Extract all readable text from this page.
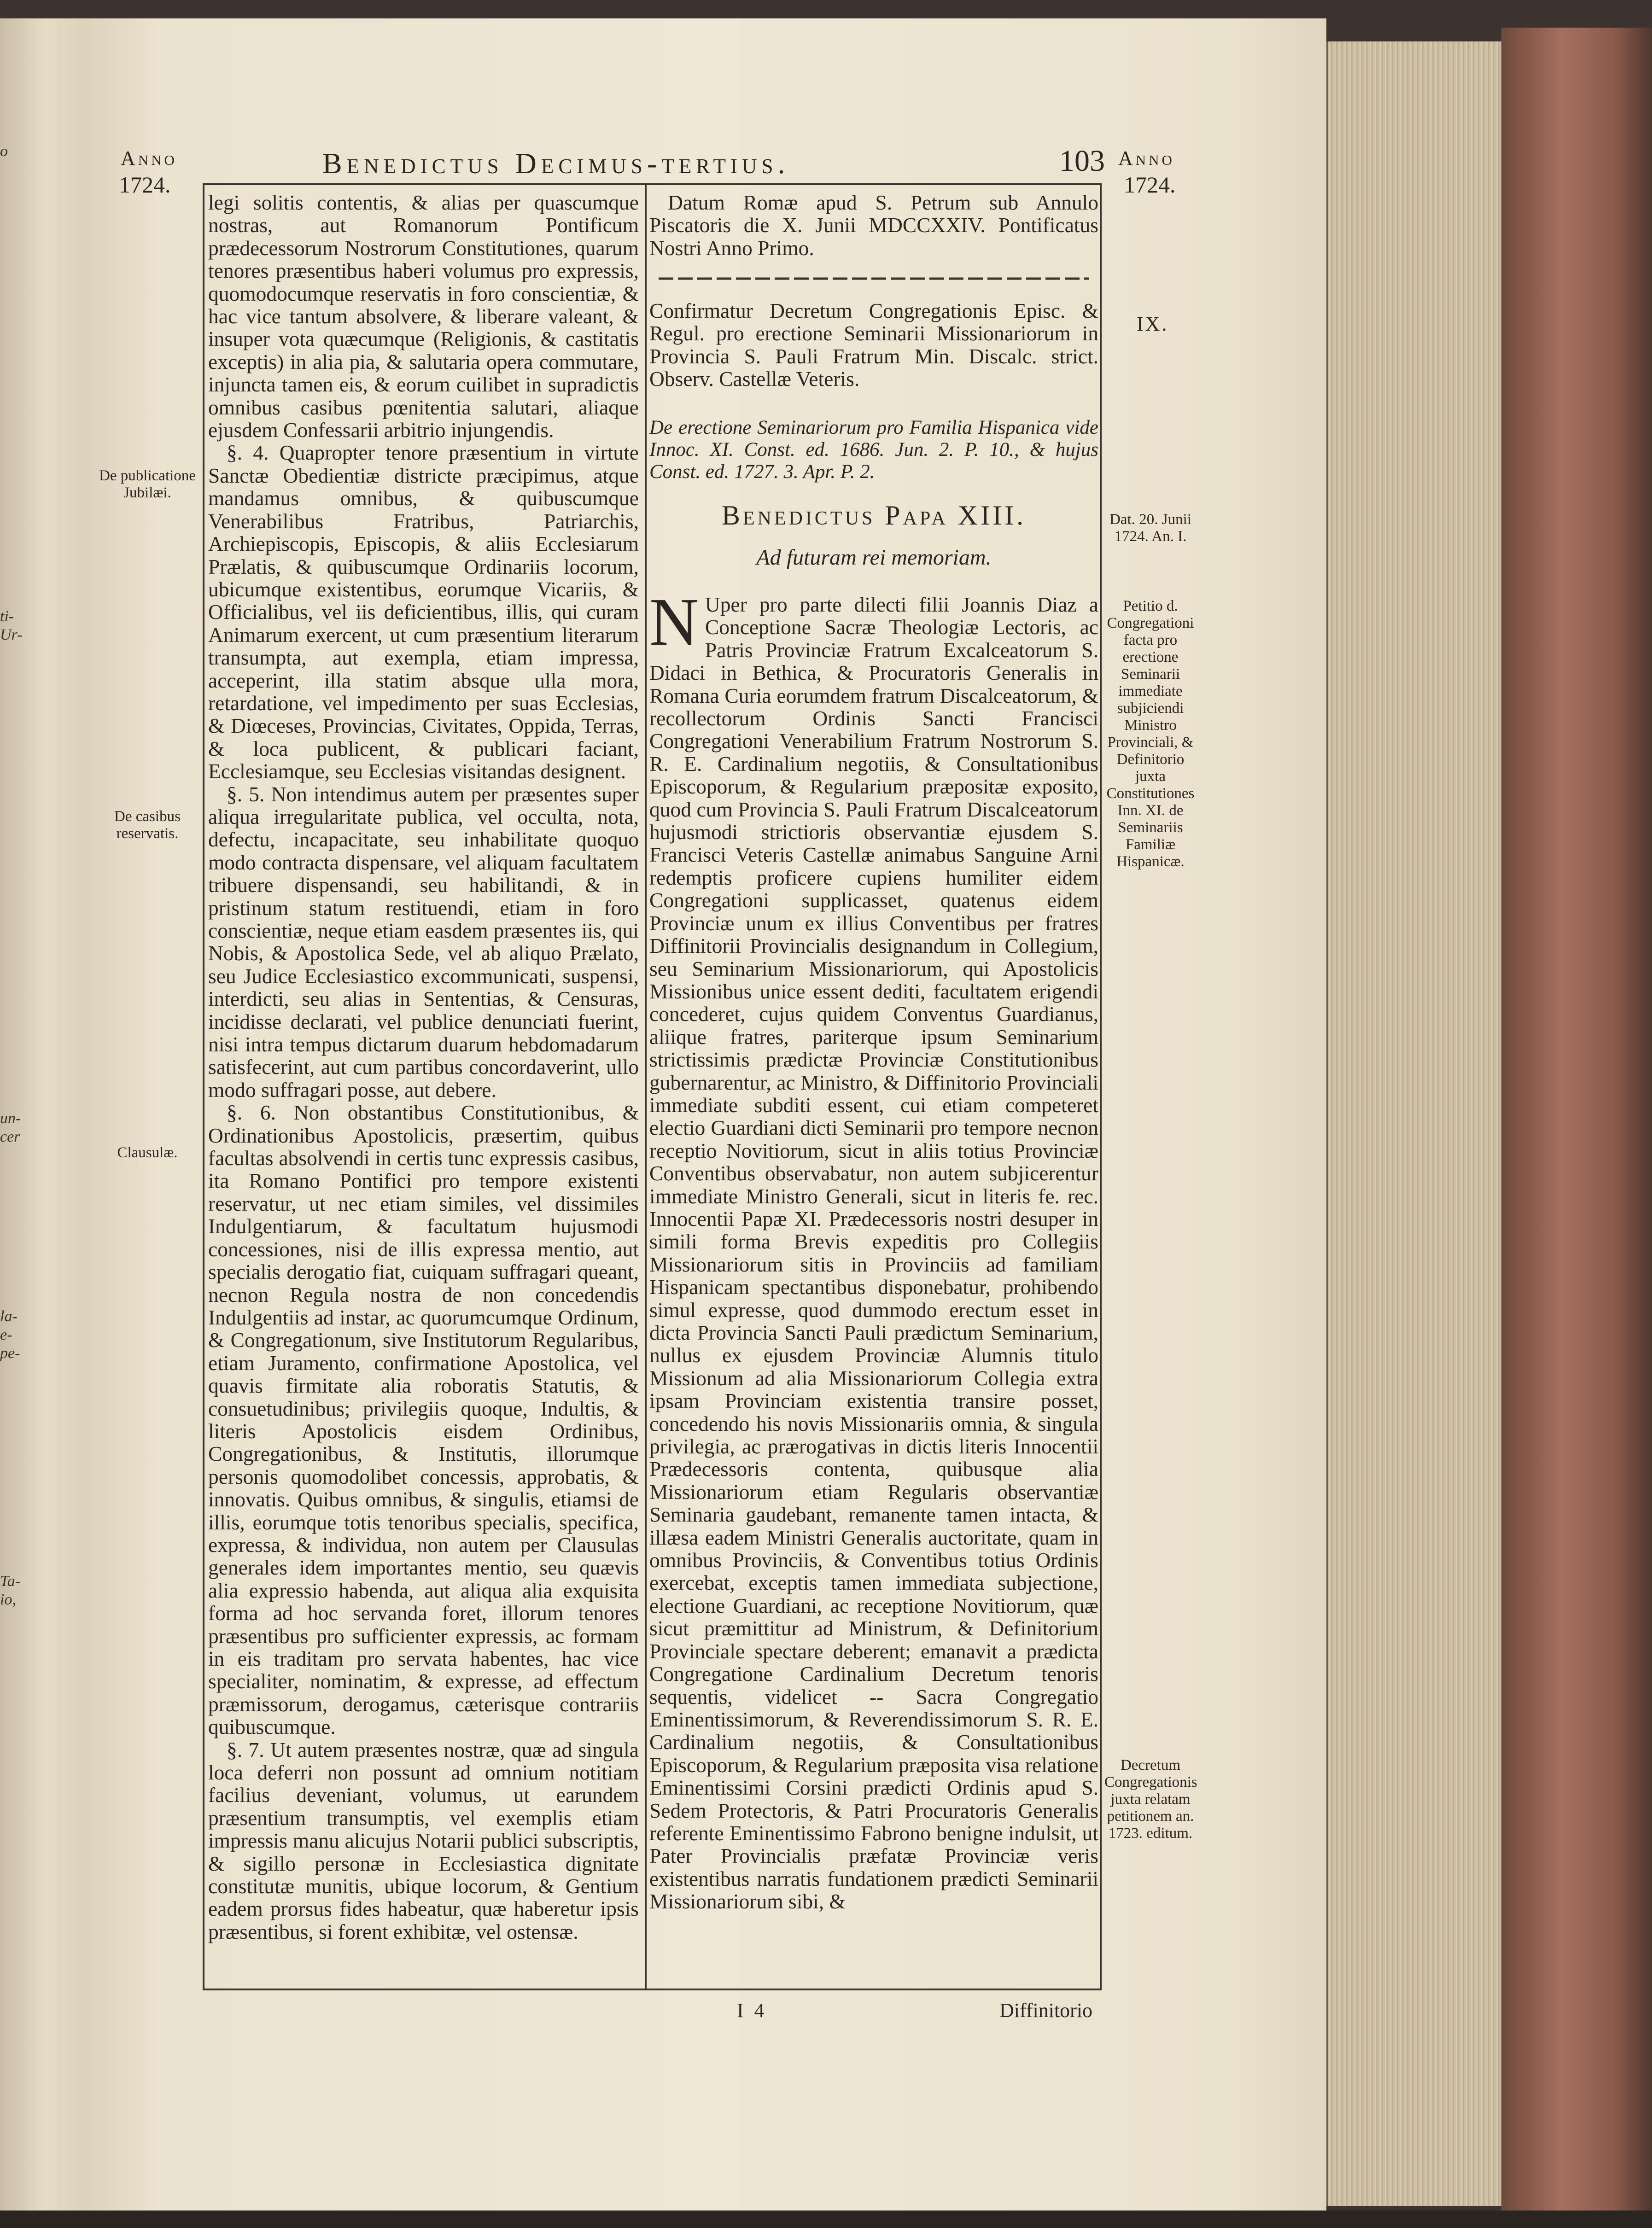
o
ti-
Ur-
un-
cer
la-
e-
pe-
Ta-
io,
Anno
1724.
Benedictus Decimus-tertius.	103 Anno
1724.
De publicatione Jubilæi.
De casibus reservatis.
Clausulæ.

legi solitis contentis, & alias per quascumque nostras, aut Romanorum Pontificum prædecessorum Nostrorum Constitutiones, quarum tenores præsentibus haberi volumus pro expressis, quomodocumque reservatis in foro conscientiæ, & hac vice tantum absolvere, & liberare valeant, & insuper vota quæcumque (Religionis, & castitatis exceptis) in alia pia, & salutaria opera commutare, injuncta tamen eis, & eorum cuilibet in supradictis omnibus casibus pœnitentia salutari, aliaque ejusdem Confessarii arbitrio injungendis.

§. 4. Quapropter tenore præsentium in virtute Sanctæ Obedientiæ districte præcipimus, atque mandamus omnibus, & quibuscumque Venerabilibus Fratribus, Patriarchis, Archiepiscopis, Episcopis, & aliis Ecclesiarum Prælatis, & quibuscumque Ordinariis locorum, ubicumque existentibus, eorumque Vicariis, & Officialibus, vel iis deficientibus, illis, qui curam Animarum exercent, ut cum præsentium literarum transumpta, aut exempla, etiam impressa, acceperint, illa statim absque ulla mora, retardatione, vel impedimento per suas Ecclesias, & Diœceses, Provincias, Civitates, Oppida, Terras, & loca publicent, & publicari faciant, Ecclesiamque, seu Ecclesias visitandas designent.

§. 5. Non intendimus autem per præsentes super aliqua irregularitate publica, vel occulta, nota, defectu, incapacitate, seu inhabilitate quoquo modo contracta dispensare, vel aliquam facultatem tribuere dispensandi, seu habilitandi, & in pristinum statum restituendi, etiam in foro conscientiæ, neque etiam easdem præsentes iis, qui Nobis, & Apostolica Sede, vel ab aliquo Prælato, seu Judice Ecclesiastico excommunicati, suspensi, interdicti, seu alias in Sententias, & Censuras, incidisse declarati, vel publice denunciati fuerint, nisi intra tempus dictarum duarum hebdomadarum satisfecerint, aut cum partibus concordaverint, ullo modo suffragari posse, aut debere.

§. 6. Non obstantibus Constitutionibus, & Ordinationibus Apostolicis, præsertim, quibus facultas absolvendi in certis tunc expressis casibus, ita Romano Pontifici pro tempore existenti reservatur, ut nec etiam similes, vel dissimiles Indulgentiarum, & facultatum hujusmodi concessiones, nisi de illis expressa mentio, aut specialis derogatio fiat, cuiquam suffragari queant, necnon Regula nostra de non concedendis Indulgentiis ad instar, ac quorumcumque Ordinum, & Congregationum, sive Institutorum Regularibus, etiam Juramento, confirmatione Apostolica, vel quavis firmitate alia roboratis Statutis, & consuetudinibus; privilegiis quoque, Indultis, & literis Apostolicis eisdem Ordinibus, Congregationibus, & Institutis, illorumque personis quomodolibet concessis, approbatis, & innovatis. Quibus omnibus, & singulis, etiamsi de illis, eorumque totis tenoribus specialis, specifica, expressa, & individua, non autem per Clausulas generales idem importantes mentio, seu quævis alia expressio habenda, aut aliqua alia exquisita forma ad hoc servanda foret, illorum tenores præsentibus pro sufficienter expressis, ac formam in eis traditam pro servata habentes, hac vice specialiter, nominatim, & expresse, ad effectum præmissorum, derogamus, cæterisque contrariis quibuscumque.

§. 7. Ut autem præsentes nostræ, quæ ad singula loca deferri non possunt ad omnium notitiam facilius deveniant, volumus, ut earundem præsentium transumptis, vel exemplis etiam impressis manu alicujus Notarii publici subscriptis, & sigillo personæ in Ecclesiastica dignitate constitutæ munitis, ubique locorum, & Gentium eadem prorsus fides habeatur, quæ haberetur ipsis præsentibus, si forent exhibitæ, vel ostensæ.

Datum Romæ apud S. Petrum sub Annulo Piscatoris die X. Junii MDCCXXIV. Pontificatus Nostri Anno Primo.
Confirmatur Decretum Congregationis Episc. & Regul. pro erectione Seminarii Missionariorum in Provincia S. Pauli Fratrum Min. Discalc. strict. Observ. Castellæ Veteris.
De erectione Seminariorum pro Familia Hispanica vide Innoc. XI. Const. ed. 1686. Jun. 2. P. 10., & hujus Const. ed. 1727. 3. Apr. P. 2.
Benedictus Papa XIII.
Ad futuram rei memoriam.
N Uper pro parte dilecti filii Joannis Diaz a Conceptione Sacræ Theologiæ Lectoris, ac Patris Provinciæ Fratrum Excalceatorum S. Didaci in Bethica, & Procuratoris Generalis in Romana Curia eorumdem fratrum Discalceatorum, & recollectorum Ordinis Sancti Francisci Congregationi Venerabilium Fratrum Nostrorum S. R. E. Cardinalium negotiis, & Consultationibus Episcoporum, & Regularium præpositæ exposito, quod cum Provincia S. Pauli Fratrum Discalceatorum hujusmodi strictioris observantiæ ejusdem S. Francisci Veteris Castellæ animabus Sanguine Arni redemptis proficere cupiens humiliter eidem Congregationi supplicasset, quatenus eidem Provinciæ unum ex illius Conventibus per fratres Diffinitorii Provincialis designandum in Collegium, seu Seminarium Missionariorum, qui Apostolicis Missionibus unice essent dediti, facultatem erigendi concederet, cujus quidem Conventus Guardianus, aliique fratres, pariterque ipsum Seminarium strictissimis prædictæ Provinciæ Constitutionibus gubernarentur, ac Ministro, & Diffinitorio Provinciali immediate subditi essent, cui etiam competeret electio Guardiani dicti Seminarii pro tempore necnon receptio Novitiorum, sicut in aliis totius Provinciæ Conventibus observabatur, non autem subjicerentur immediate Ministro Generali, sicut in literis fe. rec. Innocentii Papæ XI. Prædecessoris nostri desuper in simili forma Brevis expeditis pro Collegiis Missionariorum sitis in Provinciis ad familiam Hispanicam spectantibus disponebatur, prohibendo simul expresse, quod dummodo erectum esset in dicta Provincia Sancti Pauli prædictum Seminarium, nullus ex ejusdem Provinciæ Alumnis titulo Missionum ad alia Missionariorum Collegia extra ipsam Provinciam existentia transire posset, concedendo his novis Missionariis omnia, & singula privilegia, ac prærogativas in dictis literis Innocentii Prædecessoris contenta, quibusque alia Missionariorum etiam Regularis observantiæ Seminaria gaudebant, remanente tamen intacta, & illæsa eadem Ministri Generalis auctoritate, quam in omnibus Provinciis, & Conventibus totius Ordinis exercebat, exceptis tamen immediata subjectione, electione Guardiani, ac receptione Novitiorum, quæ sicut præmittitur ad Ministrum, & Definitorium Provinciale spectare deberent; emanavit a prædicta Congregatione Cardinalium Decretum tenoris sequentis, videlicet -- Sacra Congregatio Eminentissimorum, & Reverendissimorum S. R. E. Cardinalium negotiis, & Consultationibus Episcoporum, & Regularium præposita visa relatione Eminentissimi Corsini prædicti Ordinis apud S. Sedem Protectoris, & Patri Procuratoris Generalis referente Eminentissimo Fabrono benigne indulsit, ut Pater Provincialis præfatæ Provinciæ veris existentibus narratis fundationem prædicti Seminarii Missionariorum sibi, &
IX.
Dat. 20. Junii 1724. An. I.
Petitio d. Congregationi facta pro erectione Seminarii immediate subjiciendi Ministro Provinciali, & Definitorio juxta Constitutiones Inn. XI. de Seminariis Familiæ Hispanicæ.
Decretum Congregationis juxta relatam petitionem an. 1723. editum.
I 4	Diffinitorio
